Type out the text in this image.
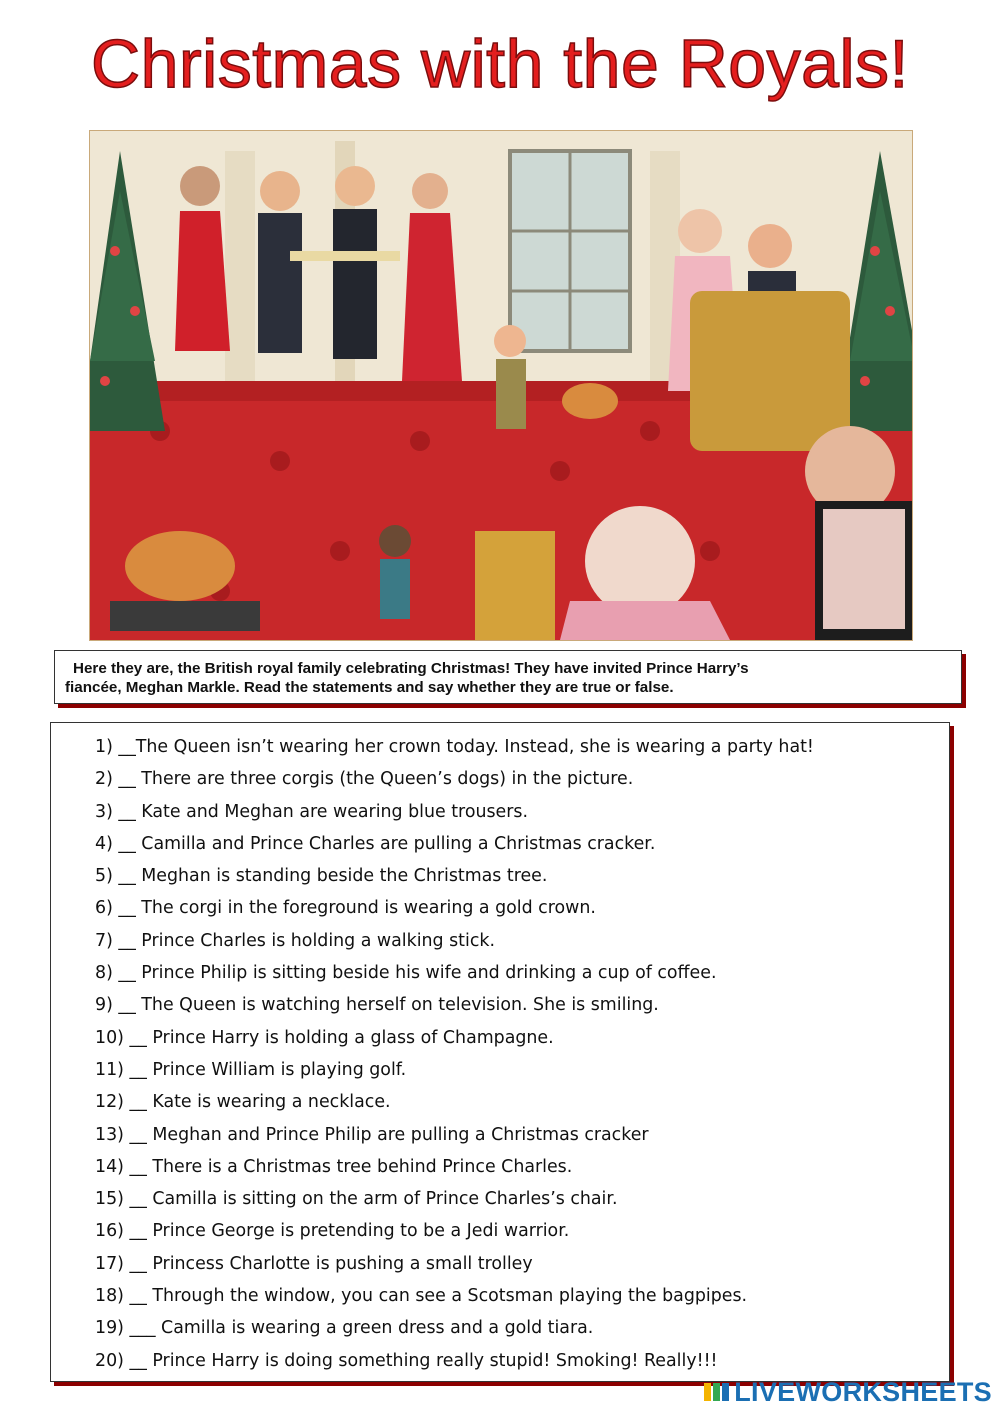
Christmas with the Royals!

Here they are, the British royal family celebrating Christmas! They have invited Prince Harry’s

fiancée, Meghan Markle. Read the statements and say whether they are true or false.

1) __The Queen isn’t wearing her crown today. Instead, she is wearing a party hat!
2) __ There are three corgis (the Queen’s dogs) in the picture.
3) __ Kate and Meghan are wearing blue trousers.
4) __ Camilla and Prince Charles are pulling a Christmas cracker.
5) __ Meghan is standing beside the Christmas tree.
6) __ The corgi in the foreground is wearing a gold crown.
7) __ Prince Charles is holding a walking stick.
8) __ Prince Philip is sitting beside his wife and drinking a cup of coffee.
9) __ The Queen is watching herself on television. She is smiling.
10) __ Prince Harry is holding a glass of Champagne.
11) __ Prince William is playing golf.
12) __ Kate is wearing a necklace.
13) __ Meghan and Prince Philip are pulling a Christmas cracker
14) __ There is a Christmas tree behind Prince Charles.
15) __ Camilla is sitting on the arm of Prince Charles’s chair.
16) __ Prince George is pretending to be a Jedi warrior.
17) __ Princess Charlotte is pushing a small trolley
18) __ Through the window, you can see a Scotsman playing the bagpipes.
19) ___ Camilla is wearing a green dress and a gold tiara.
20) __ Prince Harry is doing something really stupid! Smoking! Really!!!
LIVEWORKSHEETS
